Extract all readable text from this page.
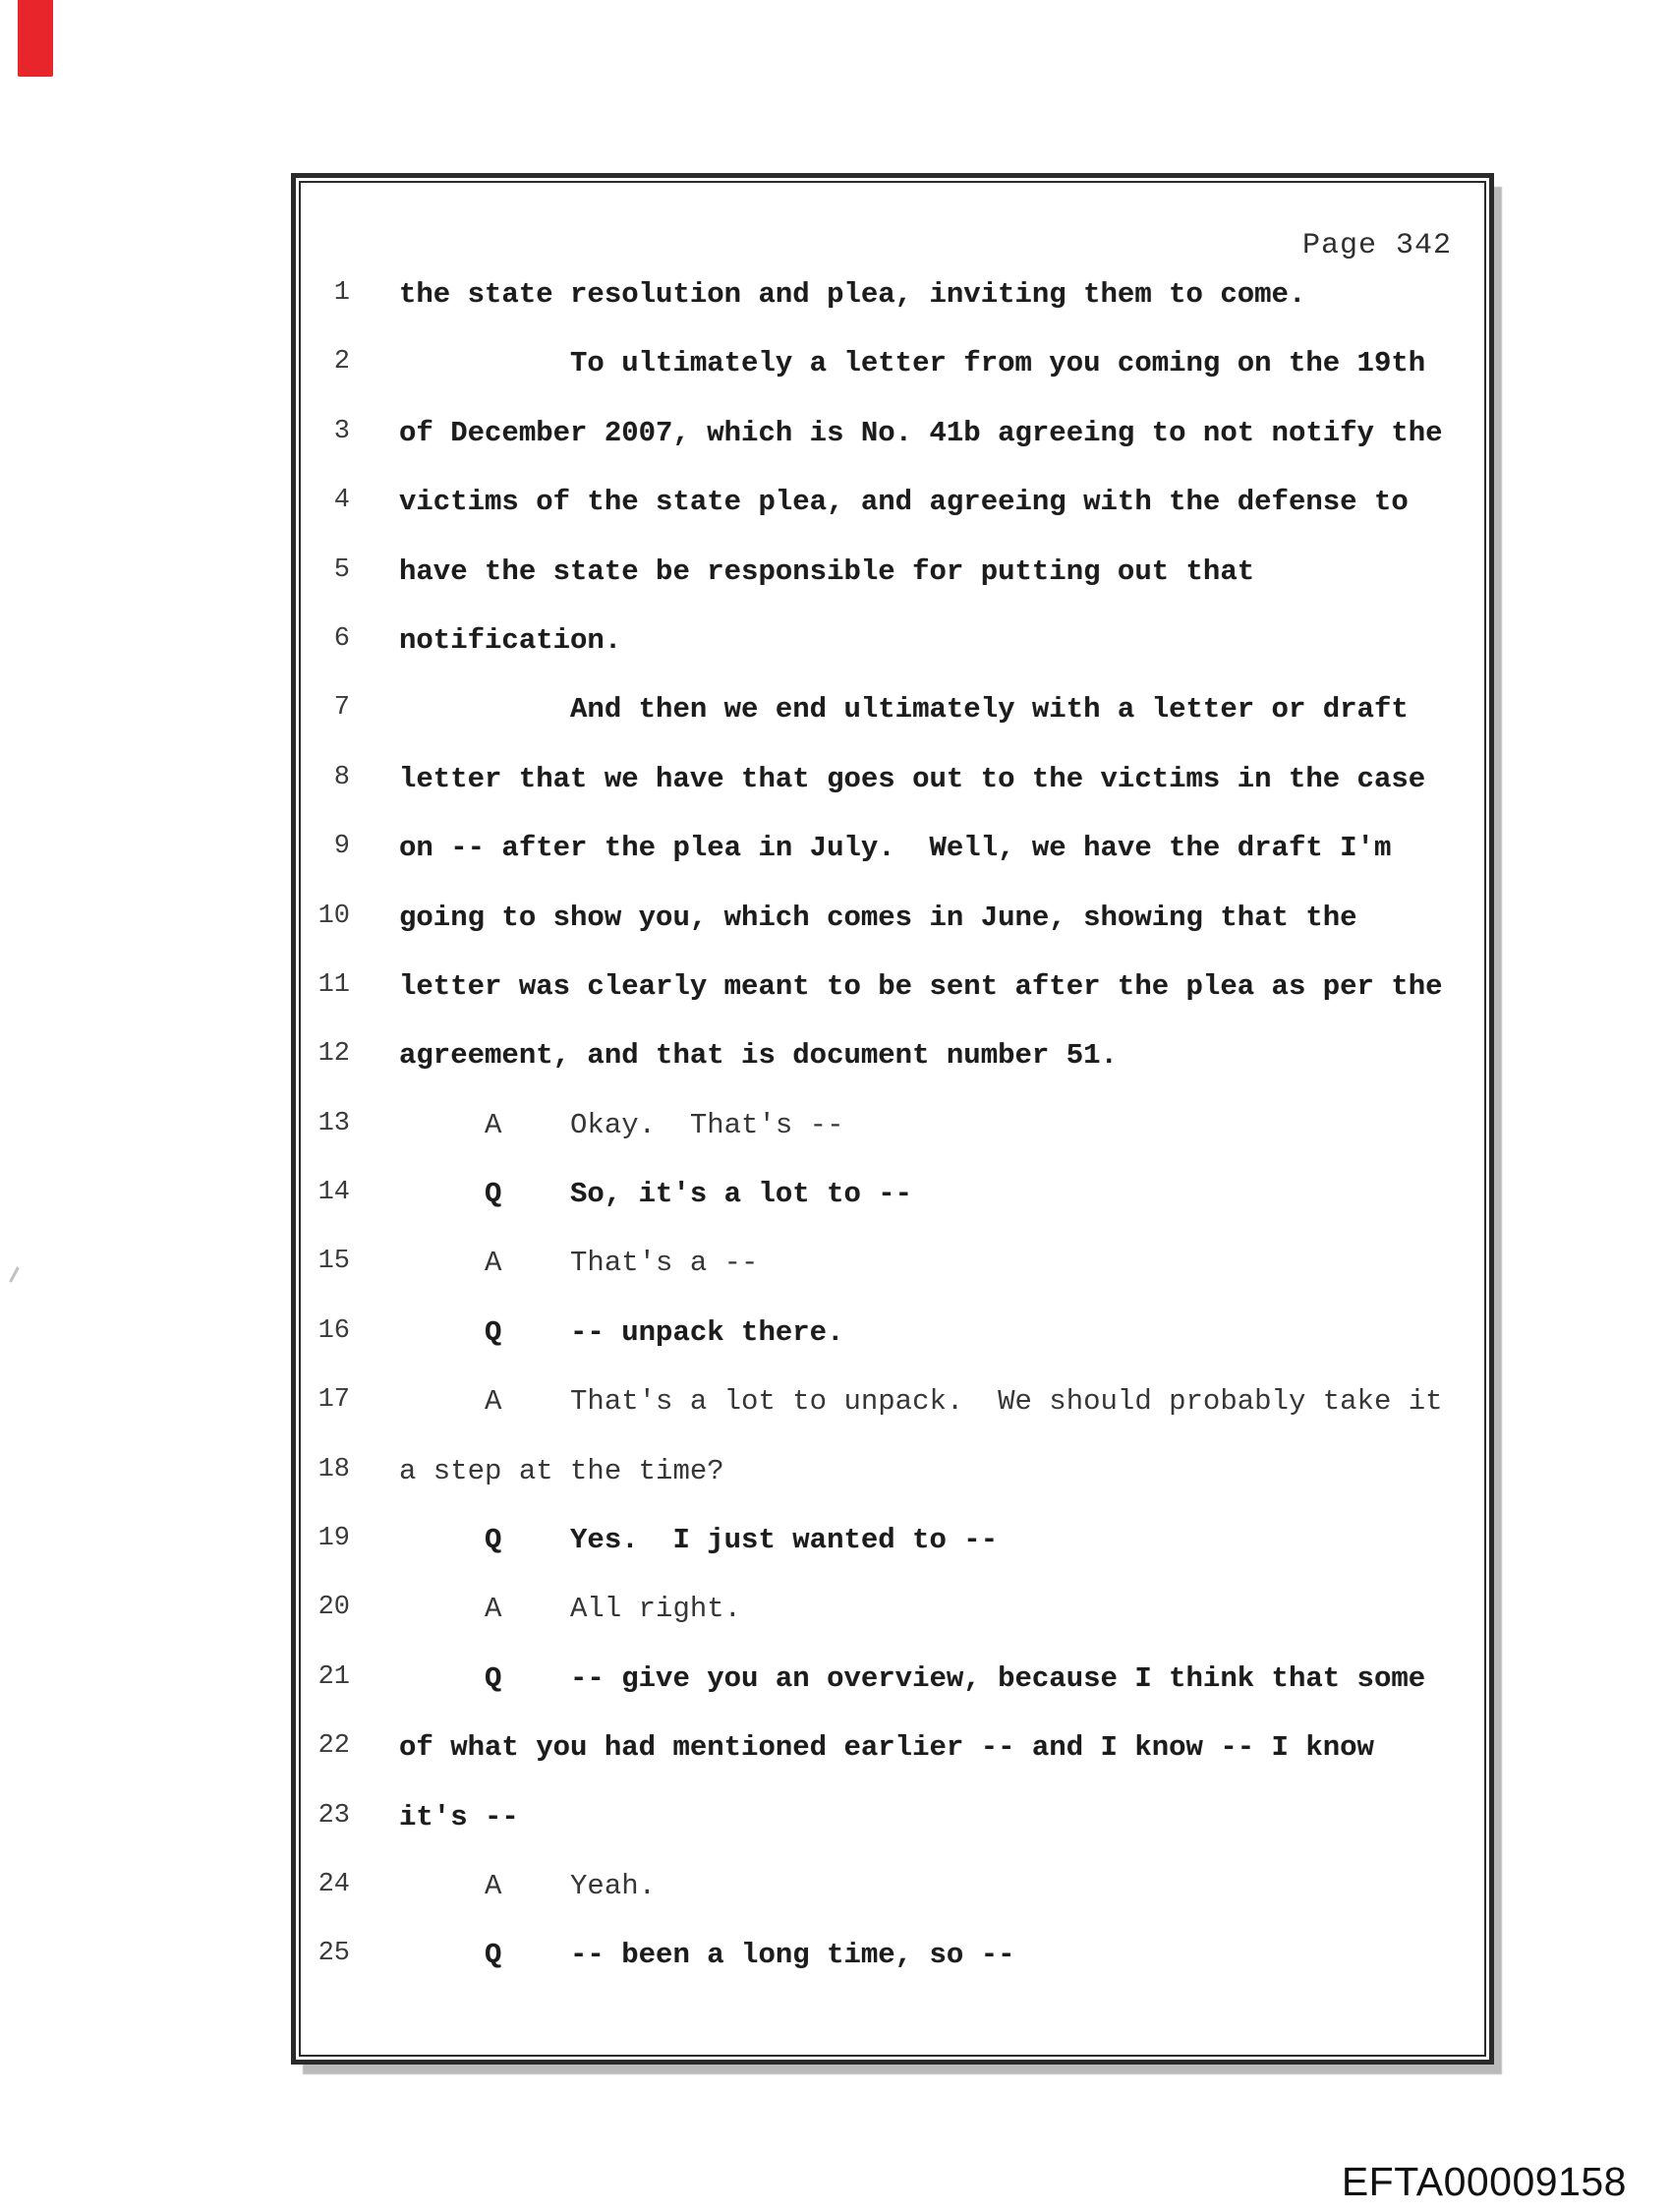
Page 342
1 the state resolution and plea, inviting them to come.
2          To ultimately a letter from you coming on the 19th
3 of December 2007, which is No. 41b agreeing to not notify the
4 victims of the state plea, and agreeing with the defense to
5 have the state be responsible for putting out that
6 notification.
7          And then we end ultimately with a letter or draft
8 letter that we have that goes out to the victims in the case
9 on -- after the plea in July.  Well, we have the draft I'm
10 going to show you, which comes in June, showing that the
11 letter was clearly meant to be sent after the plea as per the
12 agreement, and that is document number 51.
13     A    Okay.  That's --
14     Q    So, it's a lot to --
15     A    That's a --
16     Q    -- unpack there.
17     A    That's a lot to unpack.  We should probably take it
18 a step at the time?
19     Q    Yes.  I just wanted to --
20     A    All right.
21     Q    -- give you an overview, because I think that some
22 of what you had mentioned earlier -- and I know -- I know
23 it's --
24     A    Yeah.
25     Q    -- been a long time, so --
EFTA00009158
